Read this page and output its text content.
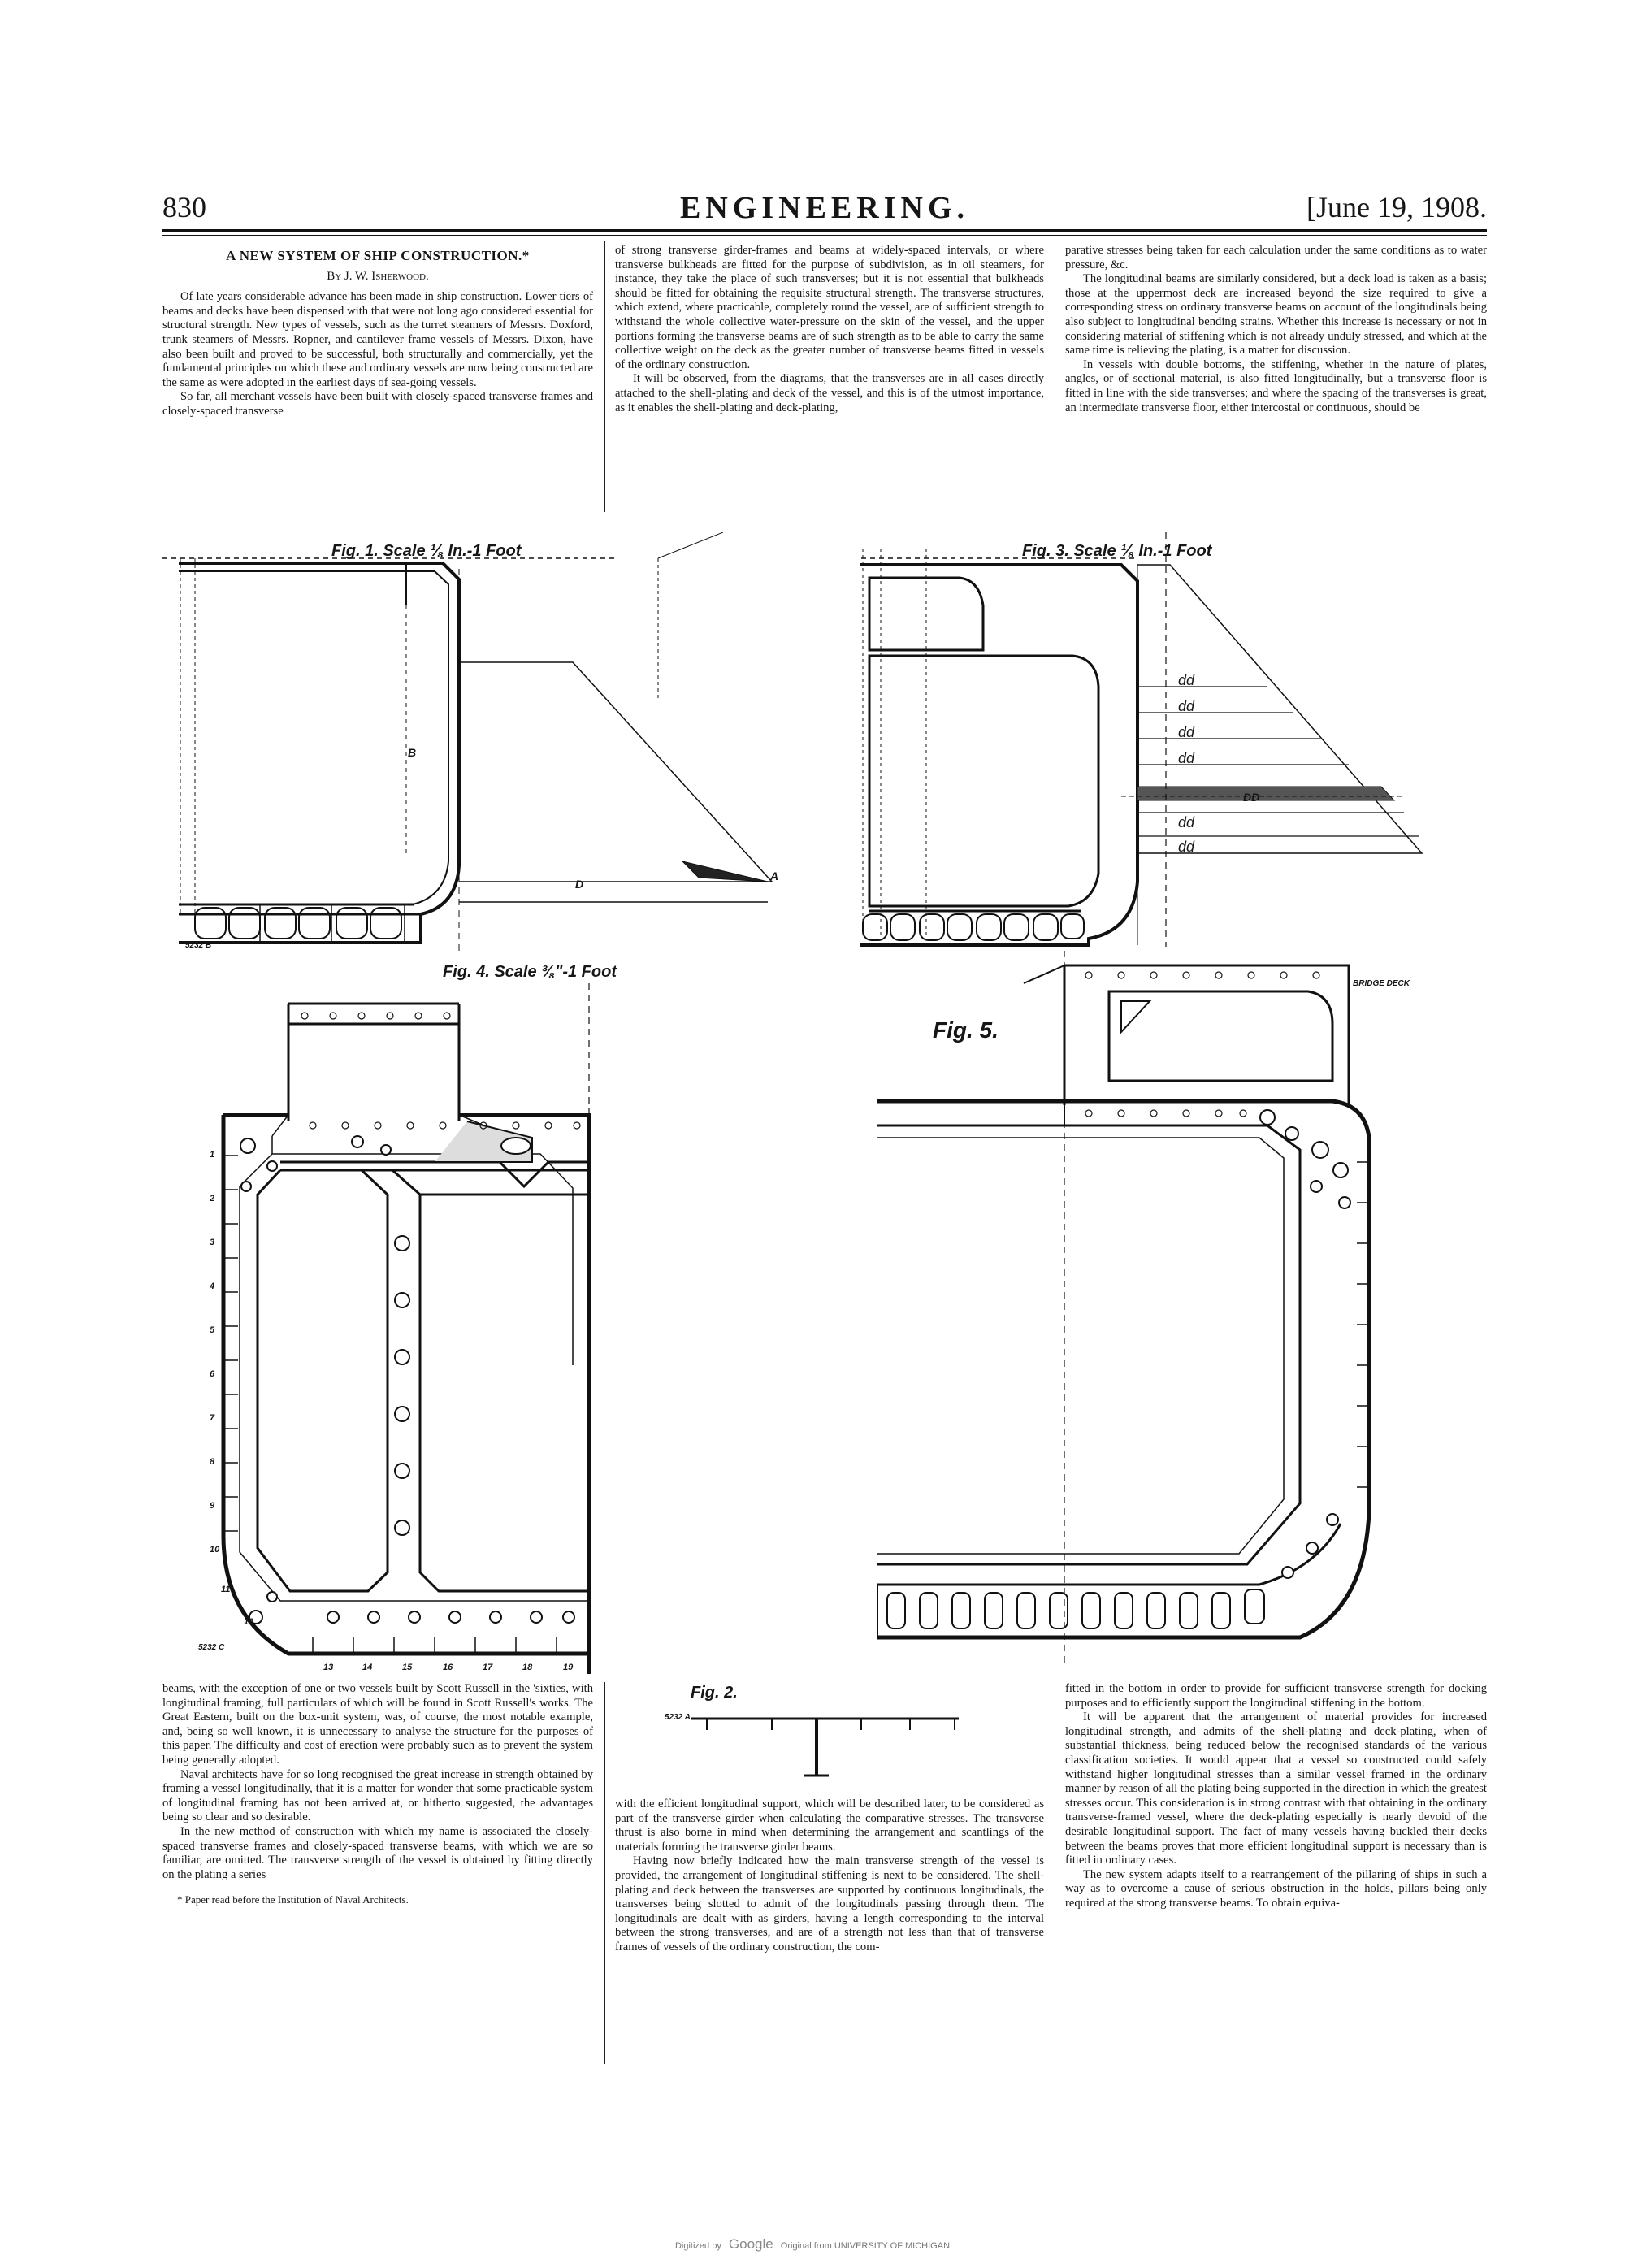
830	ENGINEERING.	[June 19, 1908.
A NEW SYSTEM OF SHIP CONSTRUCTION.*
By J. W. Isherwood.

Of late years considerable advance has been made in ship construction. Lower tiers of beams and decks have been dispensed with that were not long ago considered essential for structural strength. New types of vessels, such as the turret steamers of Messrs. Doxford, trunk steamers of Messrs. Ropner, and cantilever frame vessels of Messrs. Dixon, have also been built and proved to be successful, both structurally and commercially, yet the fundamental principles on which these and ordinary vessels are now being constructed are the same as were adopted in the earliest days of sea-going vessels.

So far, all merchant vessels have been built with closely-spaced transverse frames and closely-spaced transverse

of strong transverse girder-frames and beams at widely-spaced intervals, or where transverse bulkheads are fitted for the purpose of subdivision, as in oil steamers, for instance, they take the place of such transverses; but it is not essential that bulkheads should be fitted for obtaining the requisite structural strength. The transverse structures, which extend, where practicable, completely round the vessel, are of sufficient strength to withstand the whole collective water-pressure on the skin of the vessel, and the upper portions forming the transverse beams are of such strength as to be able to carry the same collective weight on the deck as the greater number of transverse beams fitted in vessels of the ordinary construction.

It will be observed, from the diagrams, that the transverses are in all cases directly attached to the shell-plating and deck of the vessel, and this is of the utmost importance, as it enables the shell-plating and deck-plating,

parative stresses being taken for each calculation under the same conditions as to water pressure, &c.

The longitudinal beams are similarly considered, but a deck load is taken as a basis; those at the uppermost deck are increased beyond the size required to give a corresponding stress on ordinary transverse beams on account of the longitudinals being also subject to longitudinal bending strains. Whether this increase is necessary or not in considering material of stiffening which is not already unduly stressed, and which at the same time is relieving the plating, is a matter for discussion.

In vessels with double bottoms, the stiffening, whether in the nature of plates, angles, or of sectional material, is also fitted longitudinally, but a transverse floor is fitted in line with the side transverses; and where the spacing of the transverses is great, an intermediate transverse floor, either intercostal or continuous, should be

Fig. 1. Scale ⅛ In.-1 Foot
B
D
A
5232 B
Fig. 3. Scale ⅛ In.-1 Foot
dd
dd
dd
dd
DD
dd
dd
Fig. 4. Scale ⅜"-1 Foot
1
2
3
4
5
6
7
8
9
10
11
12
13	14	15	16	17	18	19
5232 C
Fig. 5.
BRIDGE DECK

beams, with the exception of one or two vessels built by Scott Russell in the 'sixties, with longitudinal framing, full particulars of which will be found in Scott Russell's works. The Great Eastern, built on the box-unit system, was, of course, the most notable example, and, being so well known, it is unnecessary to analyse the structure for the purposes of this paper. The difficulty and cost of erection were probably such as to prevent the system being generally adopted.

Naval architects have for so long recognised the great increase in strength obtained by framing a vessel longitudinally, that it is a matter for wonder that some practicable system of longitudinal framing has not been arrived at, or hitherto suggested, the advantages being so clear and so desirable.

In the new method of construction with which my name is associated the closely-spaced transverse frames and closely-spaced transverse beams, with which we are so familiar, are omitted. The transverse strength of the vessel is obtained by fitting directly on the plating a series

* Paper read before the Institution of Naval Architects.
Fig. 2.
5232 A

with the efficient longitudinal support, which will be described later, to be considered as part of the transverse girder when calculating the comparative stresses. The transverse thrust is also borne in mind when determining the arrangement and scantlings of the materials forming the transverse girder beams.

Having now briefly indicated how the main transverse strength of the vessel is provided, the arrangement of longitudinal stiffening is next to be considered. The shell-plating and deck between the transverses are supported by continuous longitudinals, the transverses being slotted to admit of the longitudinals passing through them. The longitudinals are dealt with as girders, having a length corresponding to the interval between the strong transverses, and are of a strength not less than that of transverse frames of vessels of the ordinary construction, the com-

fitted in the bottom in order to provide for sufficient transverse strength for docking purposes and to efficiently support the longitudinal stiffening in the bottom.

It will be apparent that the arrangement of material provides for increased longitudinal strength, and admits of the shell-plating and deck-plating, when of substantial thickness, being reduced below the recognised standards of the various classification societies. It would appear that a vessel so constructed could safely withstand higher longitudinal stresses than a similar vessel framed in the ordinary manner by reason of all the plating being supported in the direction in which the greatest stresses occur. This consideration is in strong contrast with that obtaining in the ordinary transverse-framed vessel, where the deck-plating especially is nearly devoid of the desirable longitudinal support. The fact of many vessels having buckled their decks between the beams proves that more efficient longitudinal support is necessary than is fitted in ordinary cases.

The new system adapts itself to a rearrangement of the pillaring of ships in such a way as to overcome a cause of serious obstruction in the holds, pillars being only required at the strong transverse beams. To obtain equiva-

Digitized by Google Original from UNIVERSITY OF MICHIGAN
